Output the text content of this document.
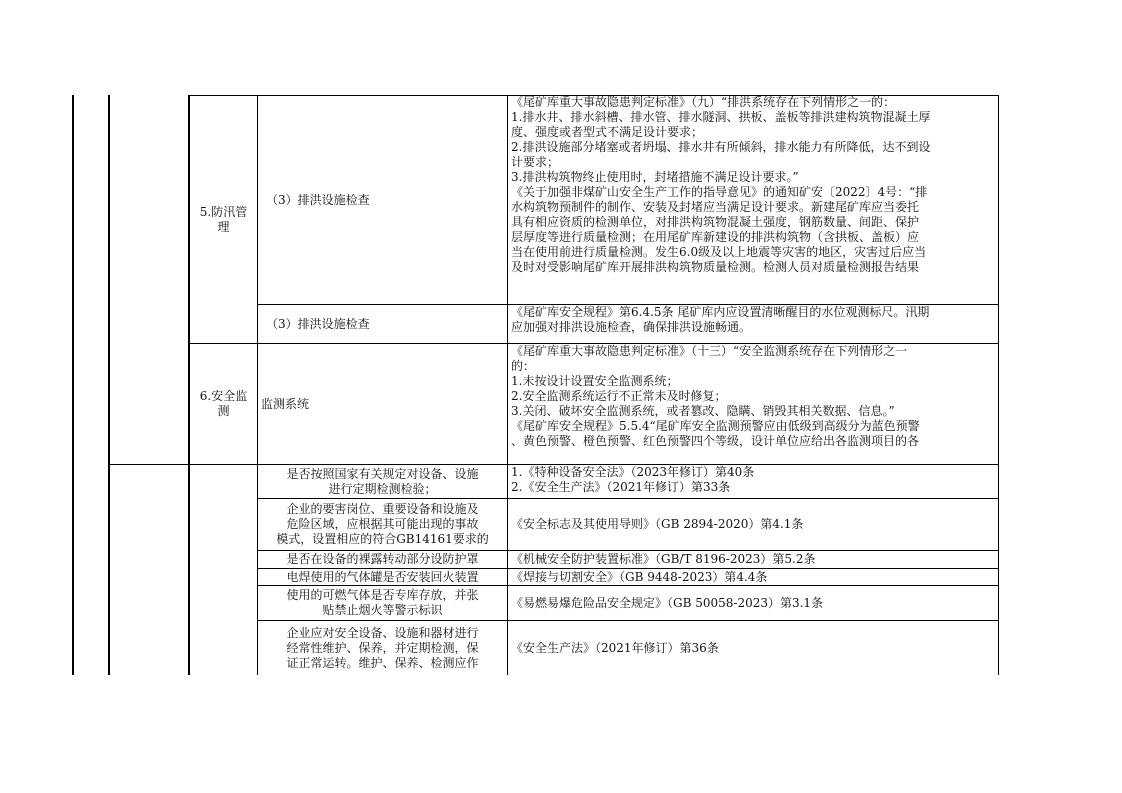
5.防汛管
理
（3）排洪设施检查
《尾矿库重大事故隐患判定标准》（九）“排洪系统存在下列情形之一的：
1.排水井、排水斜槽、排水管、排水隧洞、拱板、盖板等排洪建构筑物混凝土厚
度、强度或者型式不满足设计要求；
2.排洪设施部分堵塞或者坍塌、排水井有所倾斜，排水能力有所降低，达不到设
计要求；
3.排洪构筑物终止使用时，封堵措施不满足设计要求。”
《关于加强非煤矿山安全生产工作的指导意见》的通知矿安〔2022〕4号：“排
水构筑物预制件的制作、安装及封堵应当满足设计要求。新建尾矿库应当委托
具有相应资质的检测单位，对排洪构筑物混凝土强度，钢筋数量、间距、保护
层厚度等进行质量检测；在用尾矿库新建设的排洪构筑物（含拱板、盖板）应
当在使用前进行质量检测。发生6.0级及以上地震等灾害的地区，灾害过后应当
及时对受影响尾矿库开展排洪构筑物质量检测。检测人员对质量检测报告结果
（3）排洪设施检查
《尾矿库安全规程》第6.4.5条 尾矿库内应设置清晰醒目的水位观测标尺。汛期
应加强对排洪设施检查，确保排洪设施畅通。
6.安全监
测
监测系统
《尾矿库重大事故隐患判定标准》（十三）“安全监测系统存在下列情形之一
的：
1.未按设计设置安全监测系统；
2.安全监测系统运行不正常未及时修复；
3.关闭、破坏安全监测系统，或者篡改、隐瞒、销毁其相关数据、信息。”
《尾矿库安全规程》5.5.4“尾矿库安全监测预警应由低级到高级分为蓝色预警
、黄色预警、橙色预警、红色预警四个等级，设计单位应给出各监测项目的各
是否按照国家有关规定对设备、设施
进行定期检测检验；
1.《特种设备安全法》（2023年修订）第40条
2.《安全生产法》（2021年修订）第33条
企业的要害岗位、重要设备和设施及
危险区域，应根据其可能出现的事故
模式，设置相应的符合GB14161要求的
《安全标志及其使用导则》（GB 2894-2020）第4.1条
是否在设备的裸露转动部分设防护罩	《机械安全防护装置标准》（GB/T 8196-2023）第5.2条
电焊使用的气体罐是否安装回火装置	《焊接与切割安全》（GB 9448-2023）第4.4条
使用的可燃气体是否专库存放，并张
贴禁止烟火等警示标识
《易燃易爆危险品安全规定》（GB 50058-2023）第3.1条
企业应对安全设备、设施和器材进行
经常性维护、保养，并定期检测，保
证正常运转。维护、保养、检测应作
《安全生产法》（2021年修订）第36条
